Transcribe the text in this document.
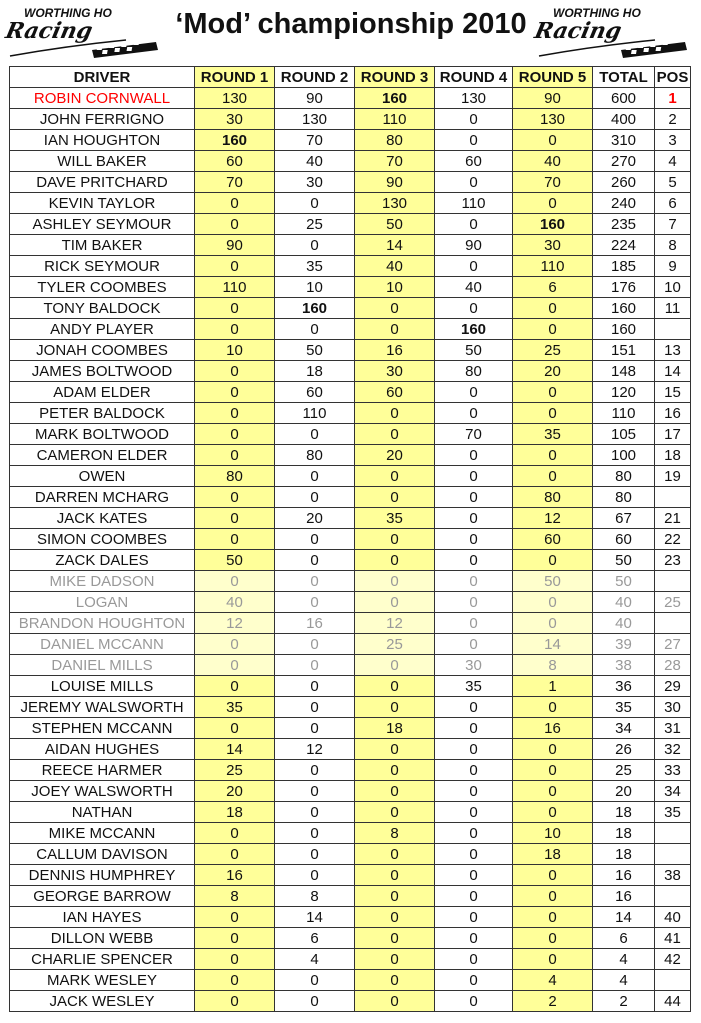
WORTHING HO
Racing	‘Mod’ championship 2010	WORTHING HO
Racing
DRIVER	ROUND 1	ROUND 2	ROUND 3	ROUND 4	ROUND 5	TOTAL	POS
ROBIN CORNWALL	130	90	160	130	90	600	1
JOHN FERRIGNO	30	130	110	0	130	400	2
IAN HOUGHTON	160	70	80	0	0	310	3
WILL BAKER	60	40	70	60	40	270	4
DAVE PRITCHARD	70	30	90	0	70	260	5
KEVIN TAYLOR	0	0	130	110	0	240	6
ASHLEY SEYMOUR	0	25	50	0	160	235	7
TIM BAKER	90	0	14	90	30	224	8
RICK SEYMOUR	0	35	40	0	110	185	9
TYLER COOMBES	110	10	10	40	6	176	10
TONY BALDOCK	0	160	0	0	0	160	11
ANDY PLAYER	0	0	0	160	0	160	
JONAH COOMBES	10	50	16	50	25	151	13
JAMES BOLTWOOD	0	18	30	80	20	148	14
ADAM ELDER	0	60	60	0	0	120	15
PETER BALDOCK	0	110	0	0	0	110	16
MARK BOLTWOOD	0	0	0	70	35	105	17
CAMERON ELDER	0	80	20	0	0	100	18
OWEN	80	0	0	0	0	80	19
DARREN MCHARG	0	0	0	0	80	80	
JACK KATES	0	20	35	0	12	67	21
SIMON COOMBES	0	0	0	0	60	60	22
ZACK DALES	50	0	0	0	0	50	23
MIKE DADSON	0	0	0	0	50	50	
LOGAN	40	0	0	0	0	40	25
BRANDON HOUGHTON	12	16	12	0	0	40	
DANIEL MCCANN	0	0	25	0	14	39	27
DANIEL MILLS	0	0	0	30	8	38	28
LOUISE MILLS	0	0	0	35	1	36	29
JEREMY WALSWORTH	35	0	0	0	0	35	30
STEPHEN MCCANN	0	0	18	0	16	34	31
AIDAN HUGHES	14	12	0	0	0	26	32
REECE HARMER	25	0	0	0	0	25	33
JOEY WALSWORTH	20	0	0	0	0	20	34
NATHAN	18	0	0	0	0	18	35
MIKE MCCANN	0	0	8	0	10	18	
CALLUM DAVISON	0	0	0	0	18	18	
DENNIS HUMPHREY	16	0	0	0	0	16	38
GEORGE BARROW	8	8	0	0	0	16	
IAN HAYES	0	14	0	0	0	14	40
DILLON WEBB	0	6	0	0	0	6	41
CHARLIE SPENCER	0	4	0	0	0	4	42
MARK WESLEY	0	0	0	0	4	4	
JACK WESLEY	0	0	0	0	2	2	44
